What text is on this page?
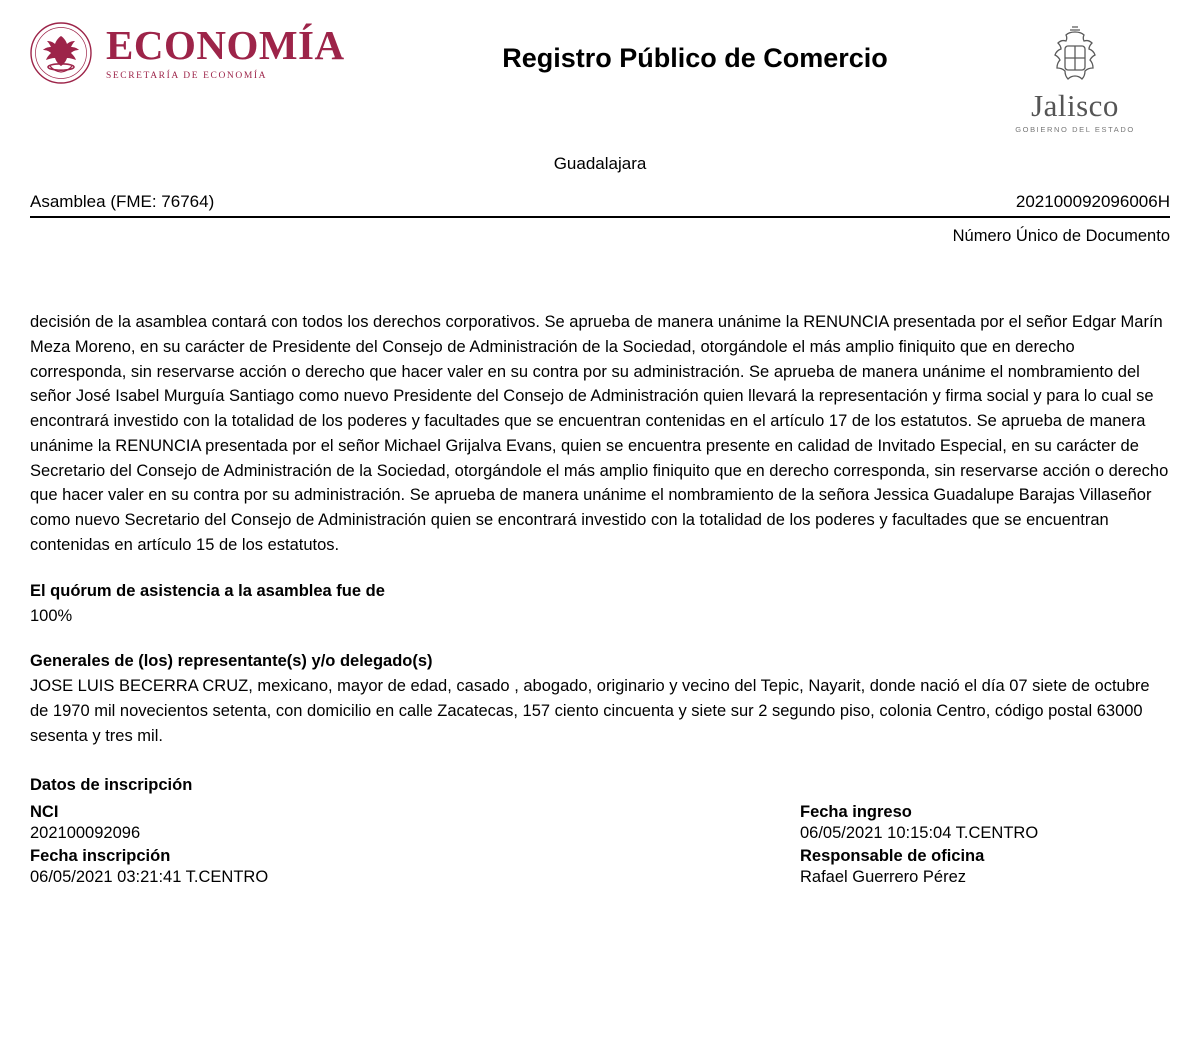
ECONOMÍA
SECRETARÍA DE ECONOMÍA
Registro Público de Comercio
Jalisco
GOBIERNO DEL ESTADO
Guadalajara
Asamblea (FME: 76764)	202100092096006H
Número Único de Documento
decisión de la asamblea contará con todos los derechos corporativos. Se aprueba de manera unánime la RENUNCIA presentada por el señor Edgar Marín Meza Moreno, en su carácter de Presidente del Consejo de Administración de la Sociedad, otorgándole el más amplio finiquito que en derecho corresponda, sin reservarse acción o derecho que hacer valer en su contra por su administración. Se aprueba de manera unánime el nombramiento del señor José Isabel Murguía Santiago como nuevo Presidente del Consejo de Administración quien llevará la representación y firma social y para lo cual se encontrará investido con la totalidad de los poderes y facultades que se encuentran contenidas en el artículo 17 de los estatutos. Se aprueba de manera unánime la RENUNCIA presentada por el señor Michael Grijalva Evans, quien se encuentra presente en calidad de Invitado Especial, en su carácter de Secretario del Consejo de Administración de la Sociedad, otorgándole el más amplio finiquito que en derecho corresponda, sin reservarse acción o derecho que hacer valer en su contra por su administración. Se aprueba de manera unánime el nombramiento de la señora Jessica Guadalupe Barajas Villaseñor como nuevo Secretario del Consejo de Administración quien se encontrará investido con la totalidad de los poderes y facultades que se encuentran contenidas en artículo 15 de los estatutos.
El quórum de asistencia a la asamblea fue de
100%
Generales de (los) representante(s) y/o delegado(s)
JOSE LUIS BECERRA CRUZ, mexicano, mayor de edad, casado , abogado, originario y vecino del Tepic, Nayarit, donde nació el día 07 siete de octubre de 1970 mil novecientos setenta, con domicilio en calle Zacatecas, 157 ciento cincuenta y siete sur 2 segundo piso, colonia Centro, código postal 63000 sesenta y tres mil.
Datos de inscripción
NCI	Fecha ingreso
202100092096	06/05/2021 10:15:04 T.CENTRO
Fecha inscripción	Responsable de oficina
06/05/2021 03:21:41 T.CENTRO	Rafael Guerrero Pérez
